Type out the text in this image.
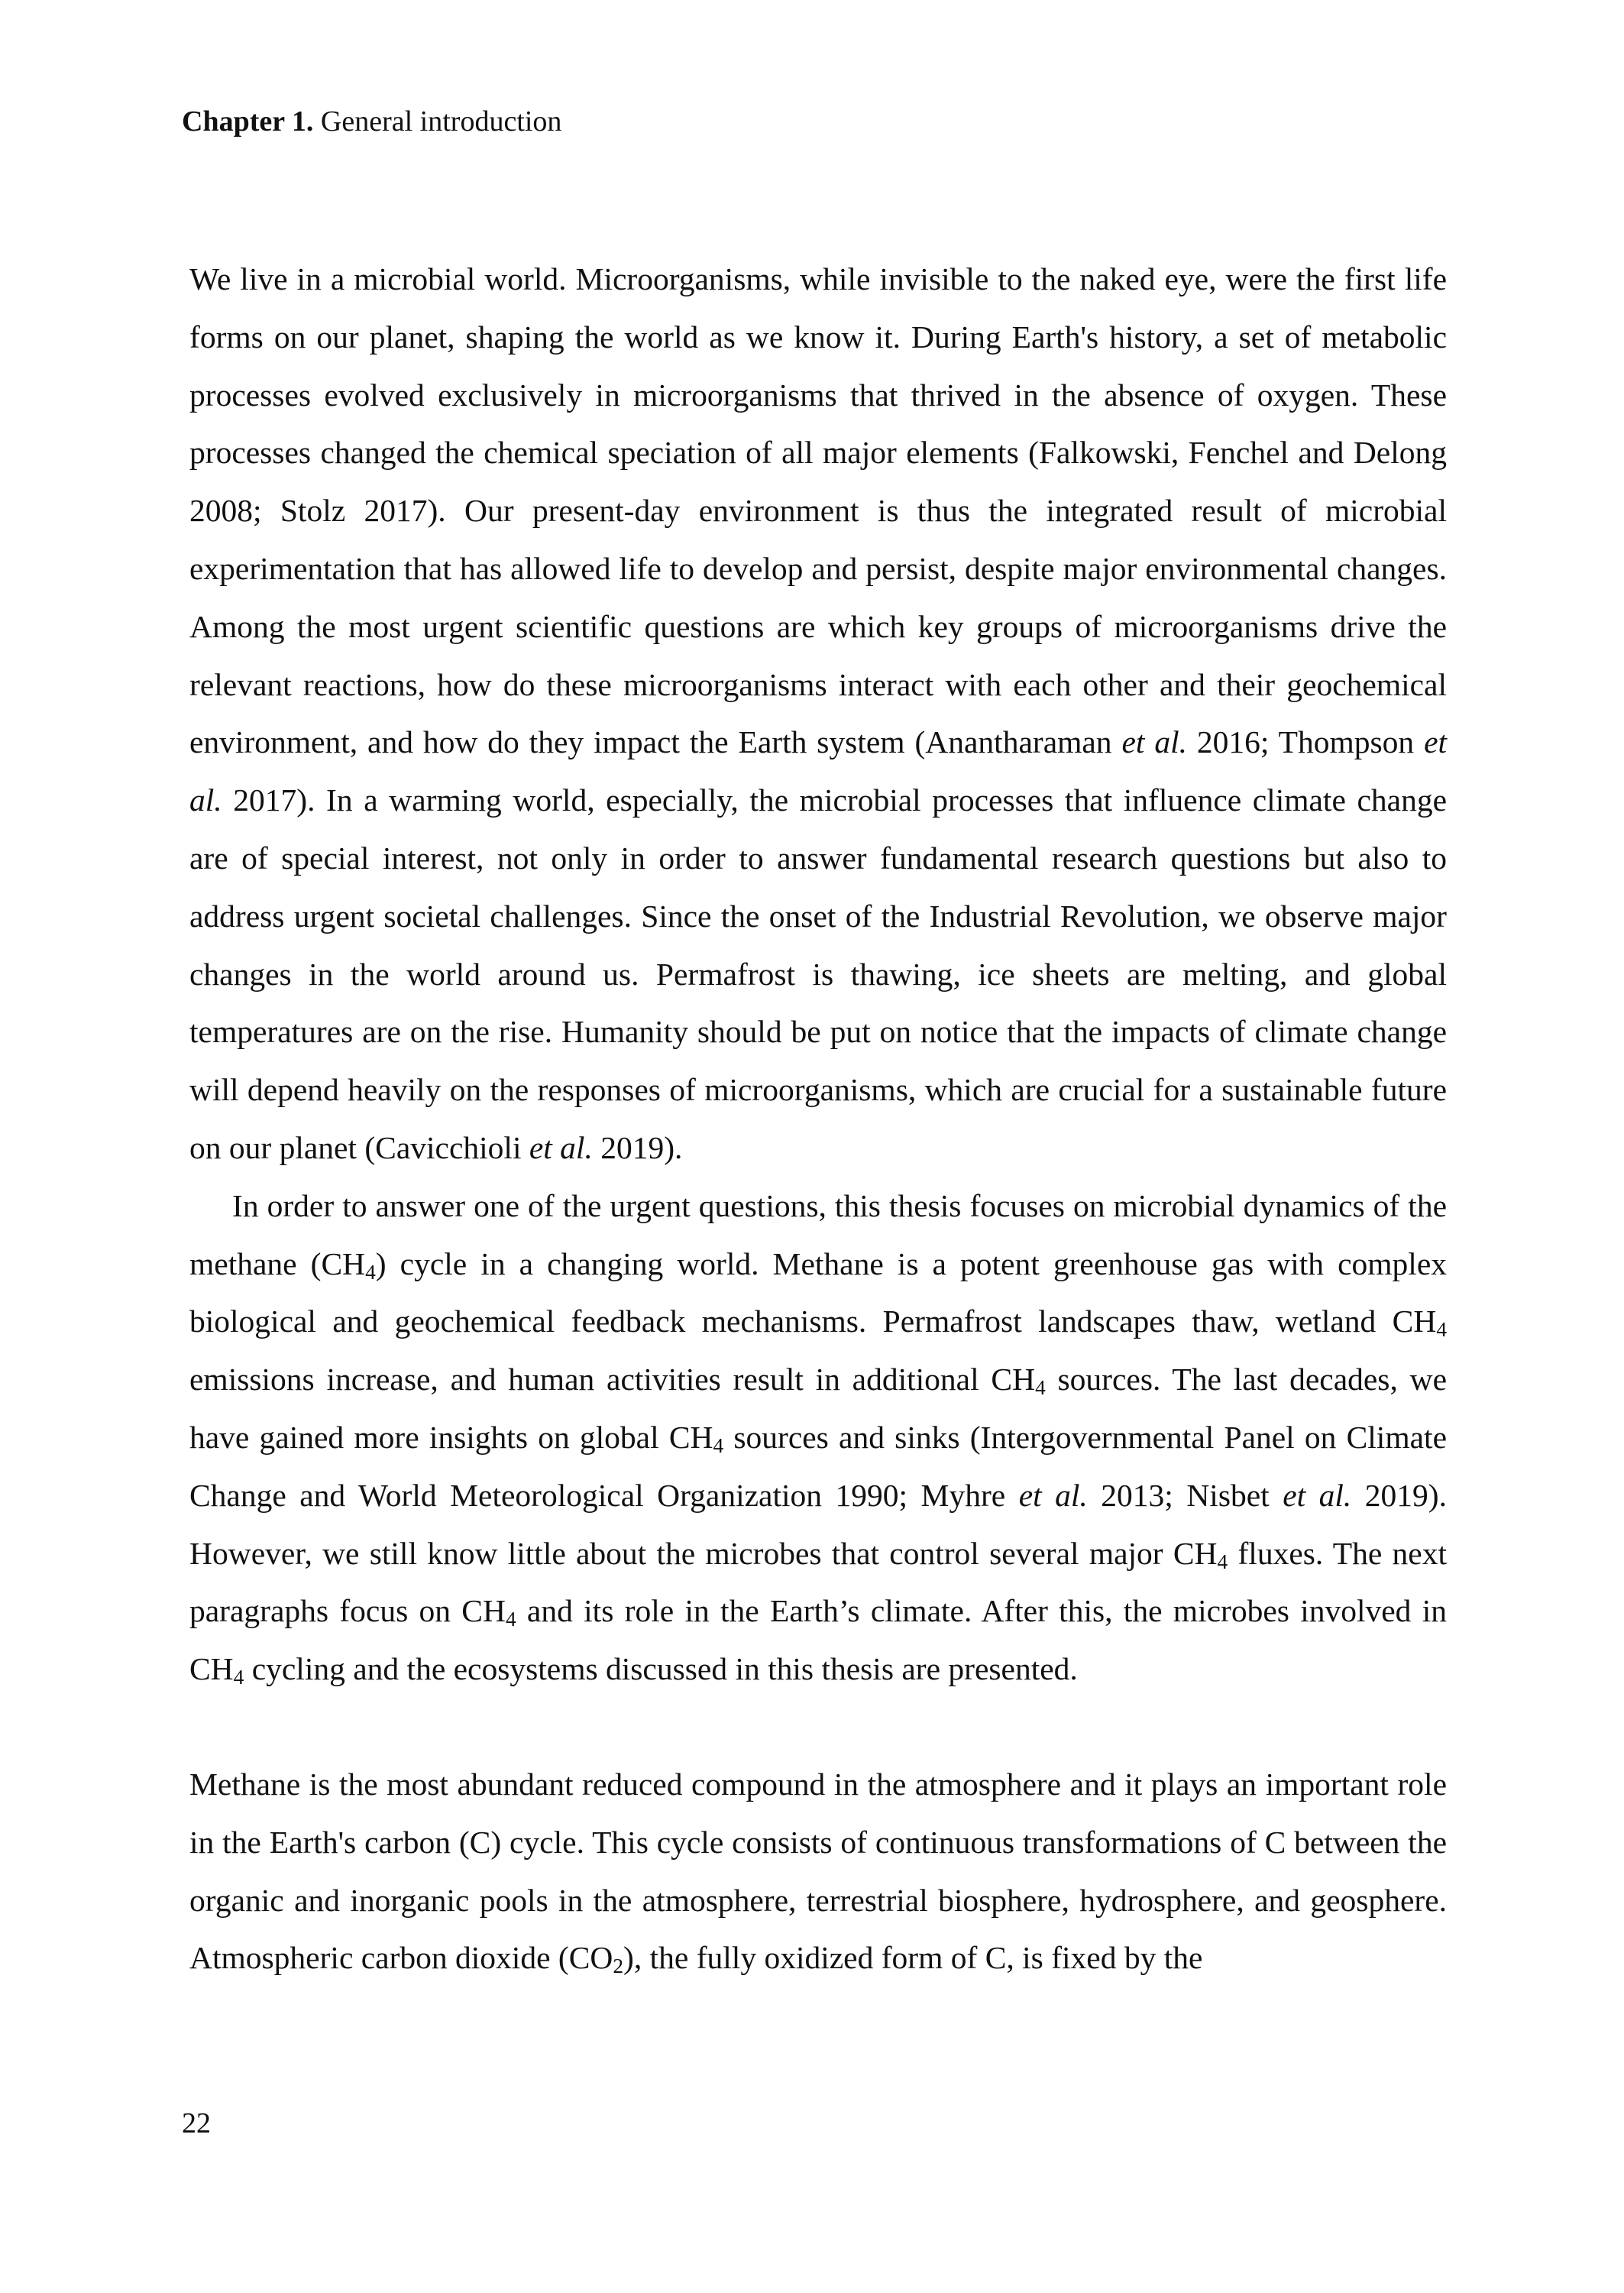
Chapter 1. General introduction

We live in a microbial world. Microorganisms, while invisible to the naked eye, were the first life forms on our planet, shaping the world as we know it. During Earth's history, a set of metabolic processes evolved exclusively in microorganisms that thrived in the absence of oxygen. These processes changed the chemical speciation of all major elements (Falkowski, Fenchel and Delong 2008; Stolz 2017). Our present-day environment is thus the integrated result of microbial experimentation that has allowed life to develop and persist, despite major environmental changes. Among the most urgent scientific questions are which key groups of microorganisms drive the relevant reactions, how do these microorganisms interact with each other and their geochemical environment, and how do they impact the Earth system (Anantharaman et al. 2016; Thompson et al. 2017). In a warming world, especially, the microbial processes that influence climate change are of special interest, not only in order to answer fundamental research questions but also to address urgent societal challenges. Since the onset of the Industrial Revolution, we observe major changes in the world around us. Permafrost is thawing, ice sheets are melting, and global temperatures are on the rise. Humanity should be put on notice that the impacts of climate change will depend heavily on the responses of microorganisms, which are crucial for a sustainable future on our planet (Cavicchioli et al. 2019).

In order to answer one of the urgent questions, this thesis focuses on microbial dynamics of the methane $(CH_4)$ cycle in a changing world. Methane is a potent greenhouse gas with complex biological and geochemical feedback mechanisms. Permafrost landscapes thaw, wetland $CH_4$ emissions increase, and human activities result in additional $CH_4$ sources. The last decades, we have gained more insights on global $CH_4$ sources and sinks (Intergovernmental Panel on Climate Change and World Meteorological Organization 1990; Myhre et al. 2013; Nisbet et al. 2019). However, we still know little about the microbes that control several major $CH_4$ fluxes. The next paragraphs focus on $CH_4$ and its role in the Earth’s climate. After this, the microbes involved in $CH_4$ cycling and the ecosystems discussed in this thesis are presented.

Methane is the most abundant reduced compound in the atmosphere and it plays an important role in the Earth's carbon (C) cycle. This cycle consists of continuous transformations of C between the organic and inorganic pools in the atmosphere, terrestrial biosphere, hydrosphere, and geosphere. Atmospheric carbon dioxide $(CO_2)$, the fully oxidized form of C, is fixed by the

22
